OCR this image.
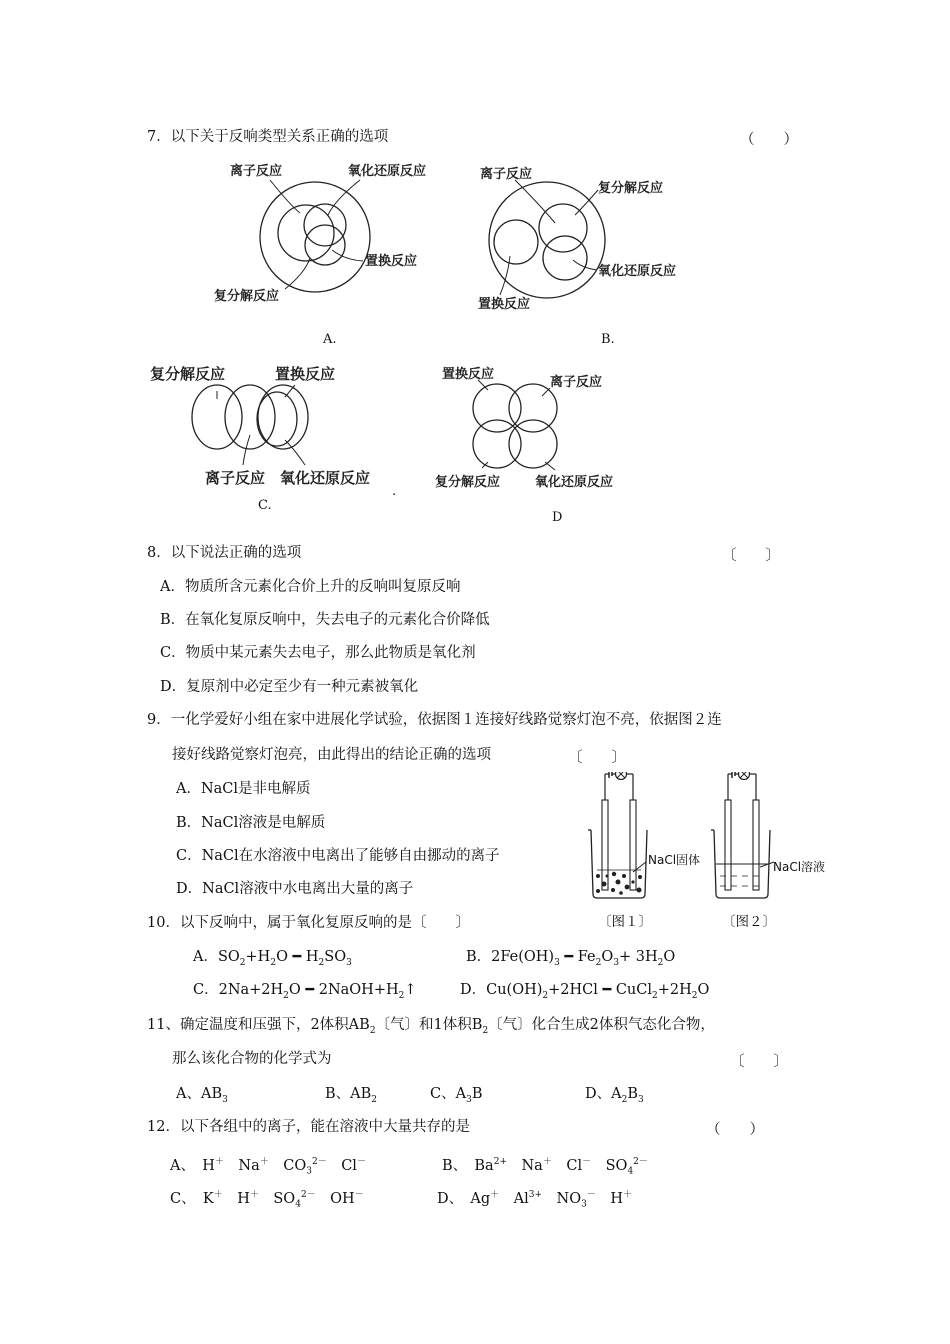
7．以下关于反响类型关系正确的选项	（　　）
离子反应	氧化还原反应
置换反应
复分解反应
A.
离子反应
复分解反应
氧化还原反应
置换反应
B.
复分解反应	置换反应
离子反应 氧化还原反应
C.
.
置换反应
离子反应
复分解反应	氧化还原反应
D
8．以下说法正确的选项	〔　　〕
A．物质所含元素化合价上升的反响叫复原反响
B．在氧化复原反响中，失去电子的元素化合价降低
C．物质中某元素失去电子，那么此物质是氧化剂
D．复原剂中必定至少有一种元素被氧化
9．一化学爱好小组在家中进展化学试验，依据图１连接好线路觉察灯泡不亮，依据图２连
接好线路觉察灯泡亮，由此得出的结论正确的选项	〔　　〕
A．NaCl是非电解质
B．NaCl溶液是电解质
C．NaCl在水溶液中电离出了能够自由挪动的离子
D．NaCl溶液中水电离出大量的离子
NaCl固体
〔图１〕
NaCl溶液
〔图２〕
10．以下反响中，属于氧化复原反响的是〔　　〕
A．$SO_2+H_2O$ ━ $H_2SO_3$	B．$2Fe(OH)_3$ ━ $Fe_2O_3+ 3H_2O$
C．$2Na+2H_2O$ ━ $2NaOH+H_2↑$	D．$Cu(OH)_2+2HCl$ ━ $CuCl_2+2H_2O$
11、确定温度和压强下，2体积$AB_2$〔气〕和1体积$B_2$〔气〕化合生成2体积气态化合物，
那么该化合物的化学式为	〔　　〕
A、$AB_3$	B、$AB_2$	C、$A_3B$	D、$A_2B_3$
12．以下各组中的离子，能在溶液中大量共存的是	（　　）
A、　H＋　Na＋　$CO_3^{2-}$　Cl－	B、　$Ba^{2+}$　Na＋　Cl－　$SO_4^{2-}$
C、　K＋　H＋　$SO_4^{2-}$　OH－	D、　Ag＋　$Al^{3+}$　$NO_3^-$　H＋
